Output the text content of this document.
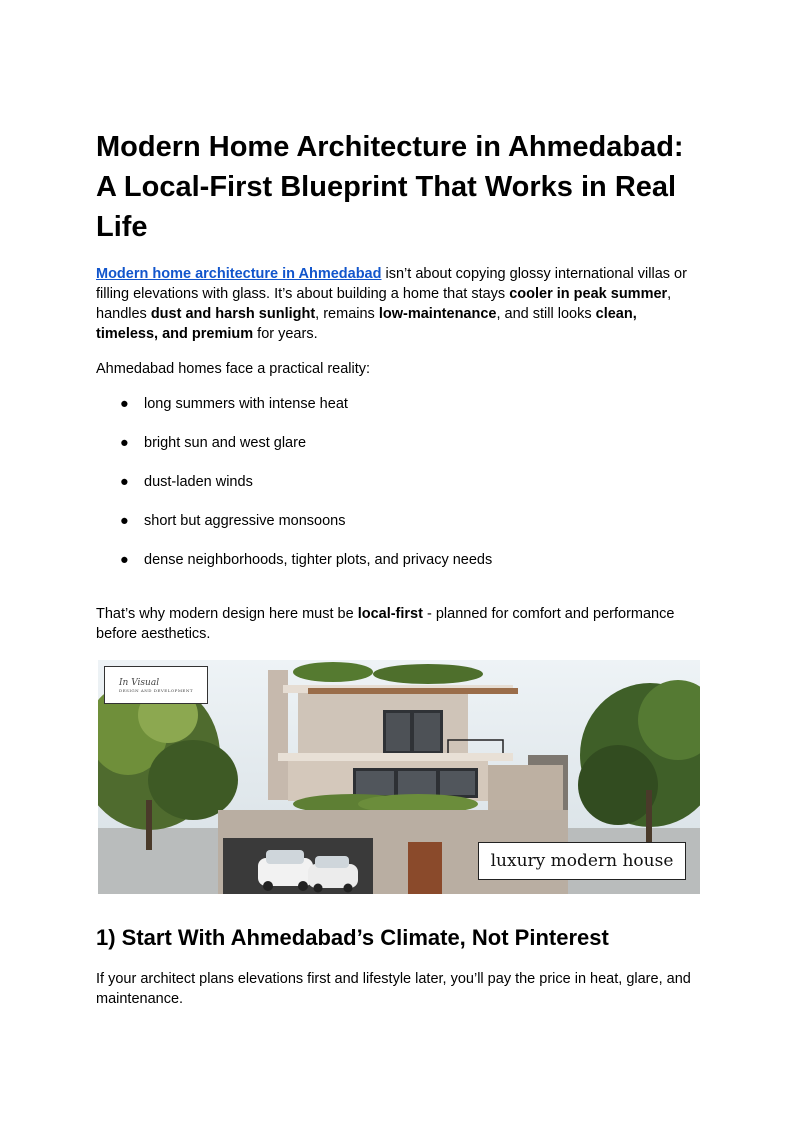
Modern Home Architecture in Ahmedabad: A Local-First Blueprint That Works in Real Life

Modern home architecture in Ahmedabad isn’t about copying glossy international villas or filling elevations with glass. It’s about building a home that stays cooler in peak summer, handles dust and harsh sunlight, remains low-maintenance, and still looks clean, timeless, and premium for years.

Ahmedabad homes face a practical reality:

● long summers with intense heat
● bright sun and west glare
● dust-laden winds
● short but aggressive monsoons
● dense neighborhoods, tighter plots, and privacy needs

That’s why modern design here must be local-first - planned for comfort and performance before aesthetics.

In Visual
DESIGN AND DEVELOPMENT
luxury modern house
1) Start With Ahmedabad’s Climate, Not Pinterest

If your architect plans elevations first and lifestyle later, you’ll pay the price in heat, glare, and maintenance.
